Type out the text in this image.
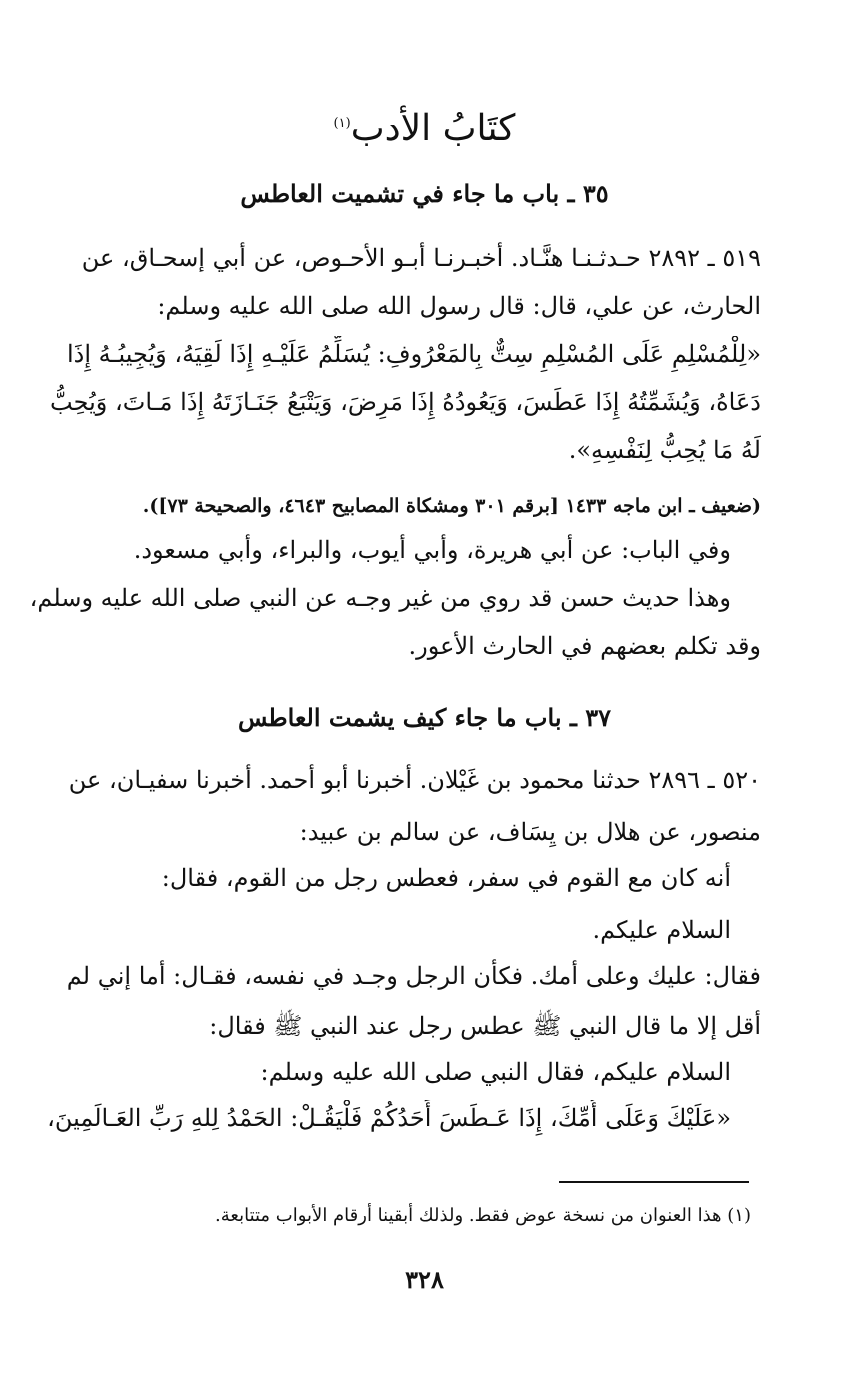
كتَابُ الأدب$^{(١)}$
٣٥ ـ باب ما جاء في تشميت العاطس
٥١٩ ـ ٢٨٩٢ حـدثـنـا هنَّـاد. أخبـرنـا أبـو الأحـوص، عن أبي إسحـاق، عن
الحارث، عن علي، قال: قال رسول الله صلى الله عليه وسلم:
«لِلْمُسْلِمِ عَلَى المُسْلِمِ سِتٌّ بِالمَعْرُوفِ: يُسَلِّمُ عَلَيْـهِ إِذَا لَقِيَهُ، وَيُجِيبُـهُ إِذَا
دَعَاهُ، وَيُشَمِّتُهُ إِذَا عَطَسَ، وَيَعُودُهُ إِذَا مَرِضَ، وَيَتْبَعُ جَنَـازَتَهُ إِذَا مَـاتَ، وَيُحِبُّ
لَهُ مَا يُحِبُّ لِنَفْسِهِ».
(ضعيف ـ ابن ماجه ١٤٣٣ [برقم ٣٠١ ومشكاة المصابيح ٤٦٤٣، والصحيحة ٧٣]).
وفي الباب: عن أبي هريرة، وأبي أيوب، والبراء، وأبي مسعود.
وهذا حديث حسن قد روي من غير وجـه عن النبي صلى الله عليه وسلم،
وقد تكلم بعضهم في الحارث الأعور.
٣٧ ـ باب ما جاء كيف يشمت العاطس
٥٢٠ ـ ٢٨٩٦ حدثنا محمود بن غَيْلان. أخبرنا أبو أحمد. أخبرنا سفيـان، عن
منصور، عن هلال بن يِسَاف، عن سالم بن عبيد:
أنه كان مع القوم في سفر، فعطس رجل من القوم، فقال:
السلام عليكم.
فقال: عليك وعلى أمك. فكأن الرجل وجـد في نفسه، فقـال: أما إني لم
أقل إلا ما قال النبي ﷺ عطس رجل عند النبي ﷺ فقال:
السلام عليكم، فقال النبي صلى الله عليه وسلم:
«عَلَيْكَ وَعَلَى أُمِّكَ، إِذَا عَـطَسَ أَحَدُكُمْ فَلْيَقُـلْ: الحَمْدُ لِلهِ رَبِّ العَـالَمِينَ،
(١) هذا العنوان من نسخة عوض فقط. ولذلك أبقينا أرقام الأبواب متتابعة.
٣٢٨
